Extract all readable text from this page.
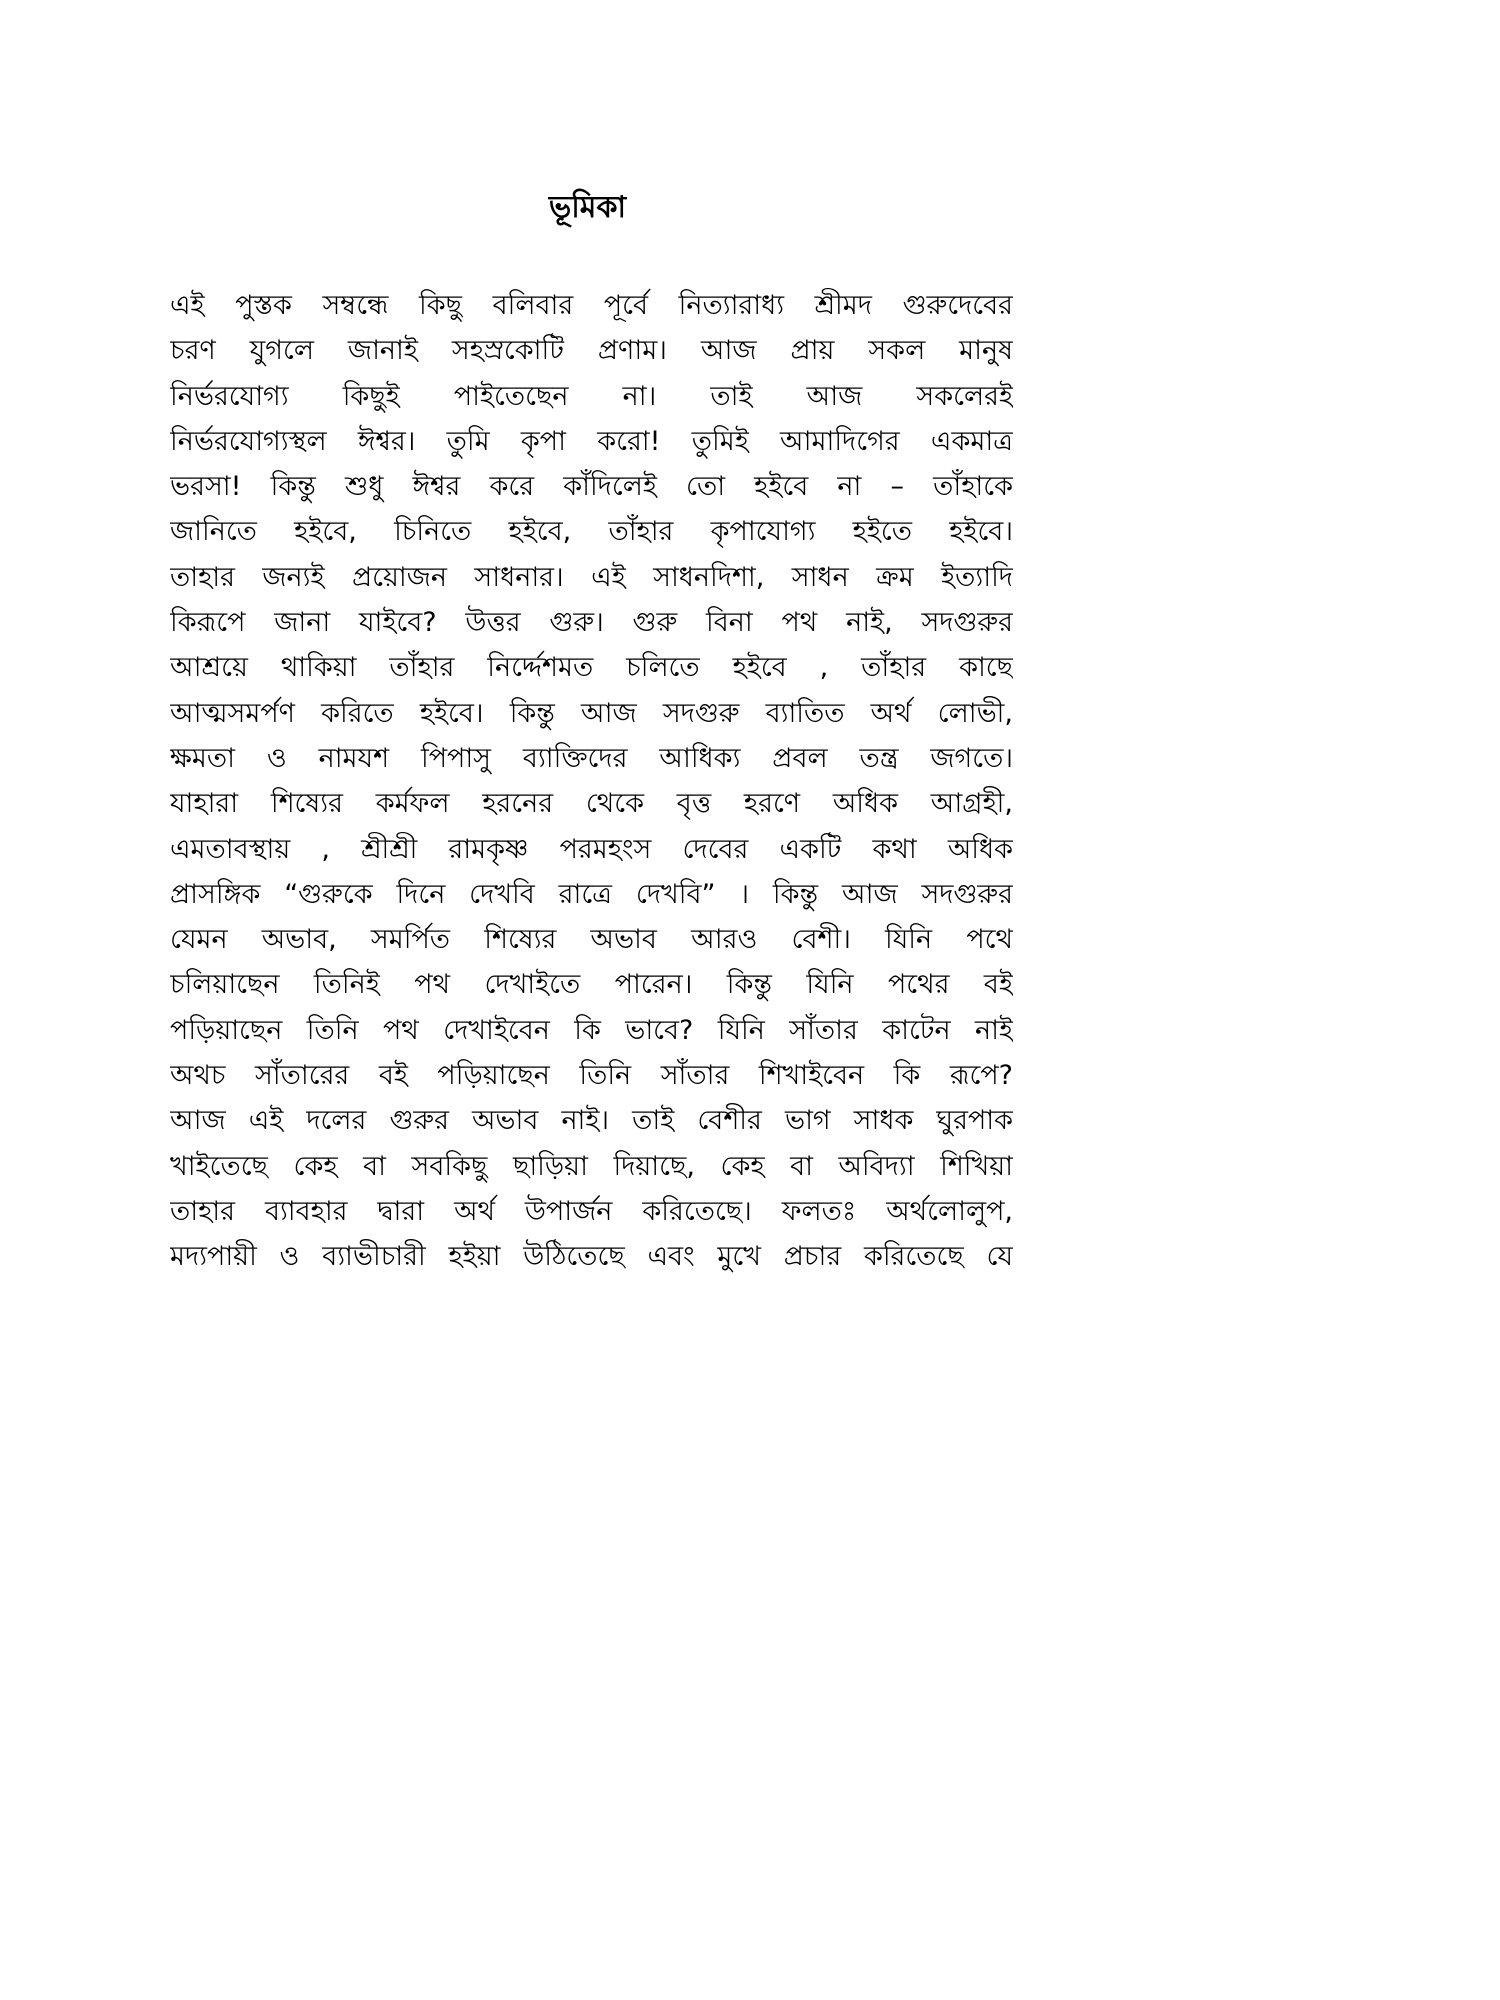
ভূমিকা
এই পুস্তক সম্বন্ধে কিছু বলিবার পূর্বে নিত্যারাধ্য শ্রীমদ গুরুদেবের
চরণ যুগলে জানাই সহস্রকোটি প্রণাম। আজ প্রায় সকল মানুষ
নির্ভরযোগ্য কিছুই পাইতেছেন না। তাই আজ সকলেরই
নির্ভরযোগ্যস্থল ঈশ্বর। তুমি কৃপা করো! তুমিই আমাদিগের একমাত্র
ভরসা! কিন্তু শুধু ঈশ্বর করে কাঁদিলেই তো হইবে না – তাঁহাকে
জানিতে হইবে, চিনিতে হইবে, তাঁহার কৃপাযোগ্য হইতে হইবে।
তাহার জন্যই প্রয়োজন সাধনার। এই সাধনদিশা, সাধন ক্রম ইত্যাদি
কিরূপে জানা যাইবে? উত্তর গুরু। গুরু বিনা পথ নাই, সদগুরুর
আশ্রয়ে থাকিয়া তাঁহার নির্দ্দেশমত চলিতে হইবে , তাঁহার কাছে
আত্মসমর্পণ করিতে হইবে। কিন্তু আজ সদগুরু ব্যাতিত অর্থ লোভী,
ক্ষমতা ও নামযশ পিপাসু ব্যাক্তিদের আধিক্য প্রবল তন্ত্র জগতে।
যাহারা শিষ্যের কর্মফল হরনের থেকে বৃত্ত হরণে অধিক আগ্রহী,
এমতাবস্থায় , শ্রীশ্রী রামকৃষ্ণ পরমহংস দেবের একটি কথা অধিক
প্রাসঙ্গিক “গুরুকে দিনে দেখবি রাত্রে দেখবি” । কিন্তু আজ সদগুরুর
যেমন অভাব, সমর্পিত শিষ্যের অভাব আরও বেশী। যিনি পথে
চলিয়াছেন তিনিই পথ দেখাইতে পারেন। কিন্তু যিনি পথের বই
পড়িয়াছেন তিনি পথ দেখাইবেন কি ভাবে? যিনি সাঁতার কাটেন নাই
অথচ সাঁতারের বই পড়িয়াছেন তিনি সাঁতার শিখাইবেন কি রূপে?
আজ এই দলের গুরুর অভাব নাই। তাই বেশীর ভাগ সাধক ঘুরপাক
খাইতেছে কেহ বা সবকিছু ছাড়িয়া দিয়াছে, কেহ বা অবিদ্যা শিখিয়া
তাহার ব্যাবহার দ্বারা অর্থ উপার্জন করিতেছে। ফলতঃ অর্থলোলুপ,
মদ্যপায়ী ও ব্যাভীচারী হইয়া উঠিতেছে এবং মুখে প্রচার করিতেছে যে
